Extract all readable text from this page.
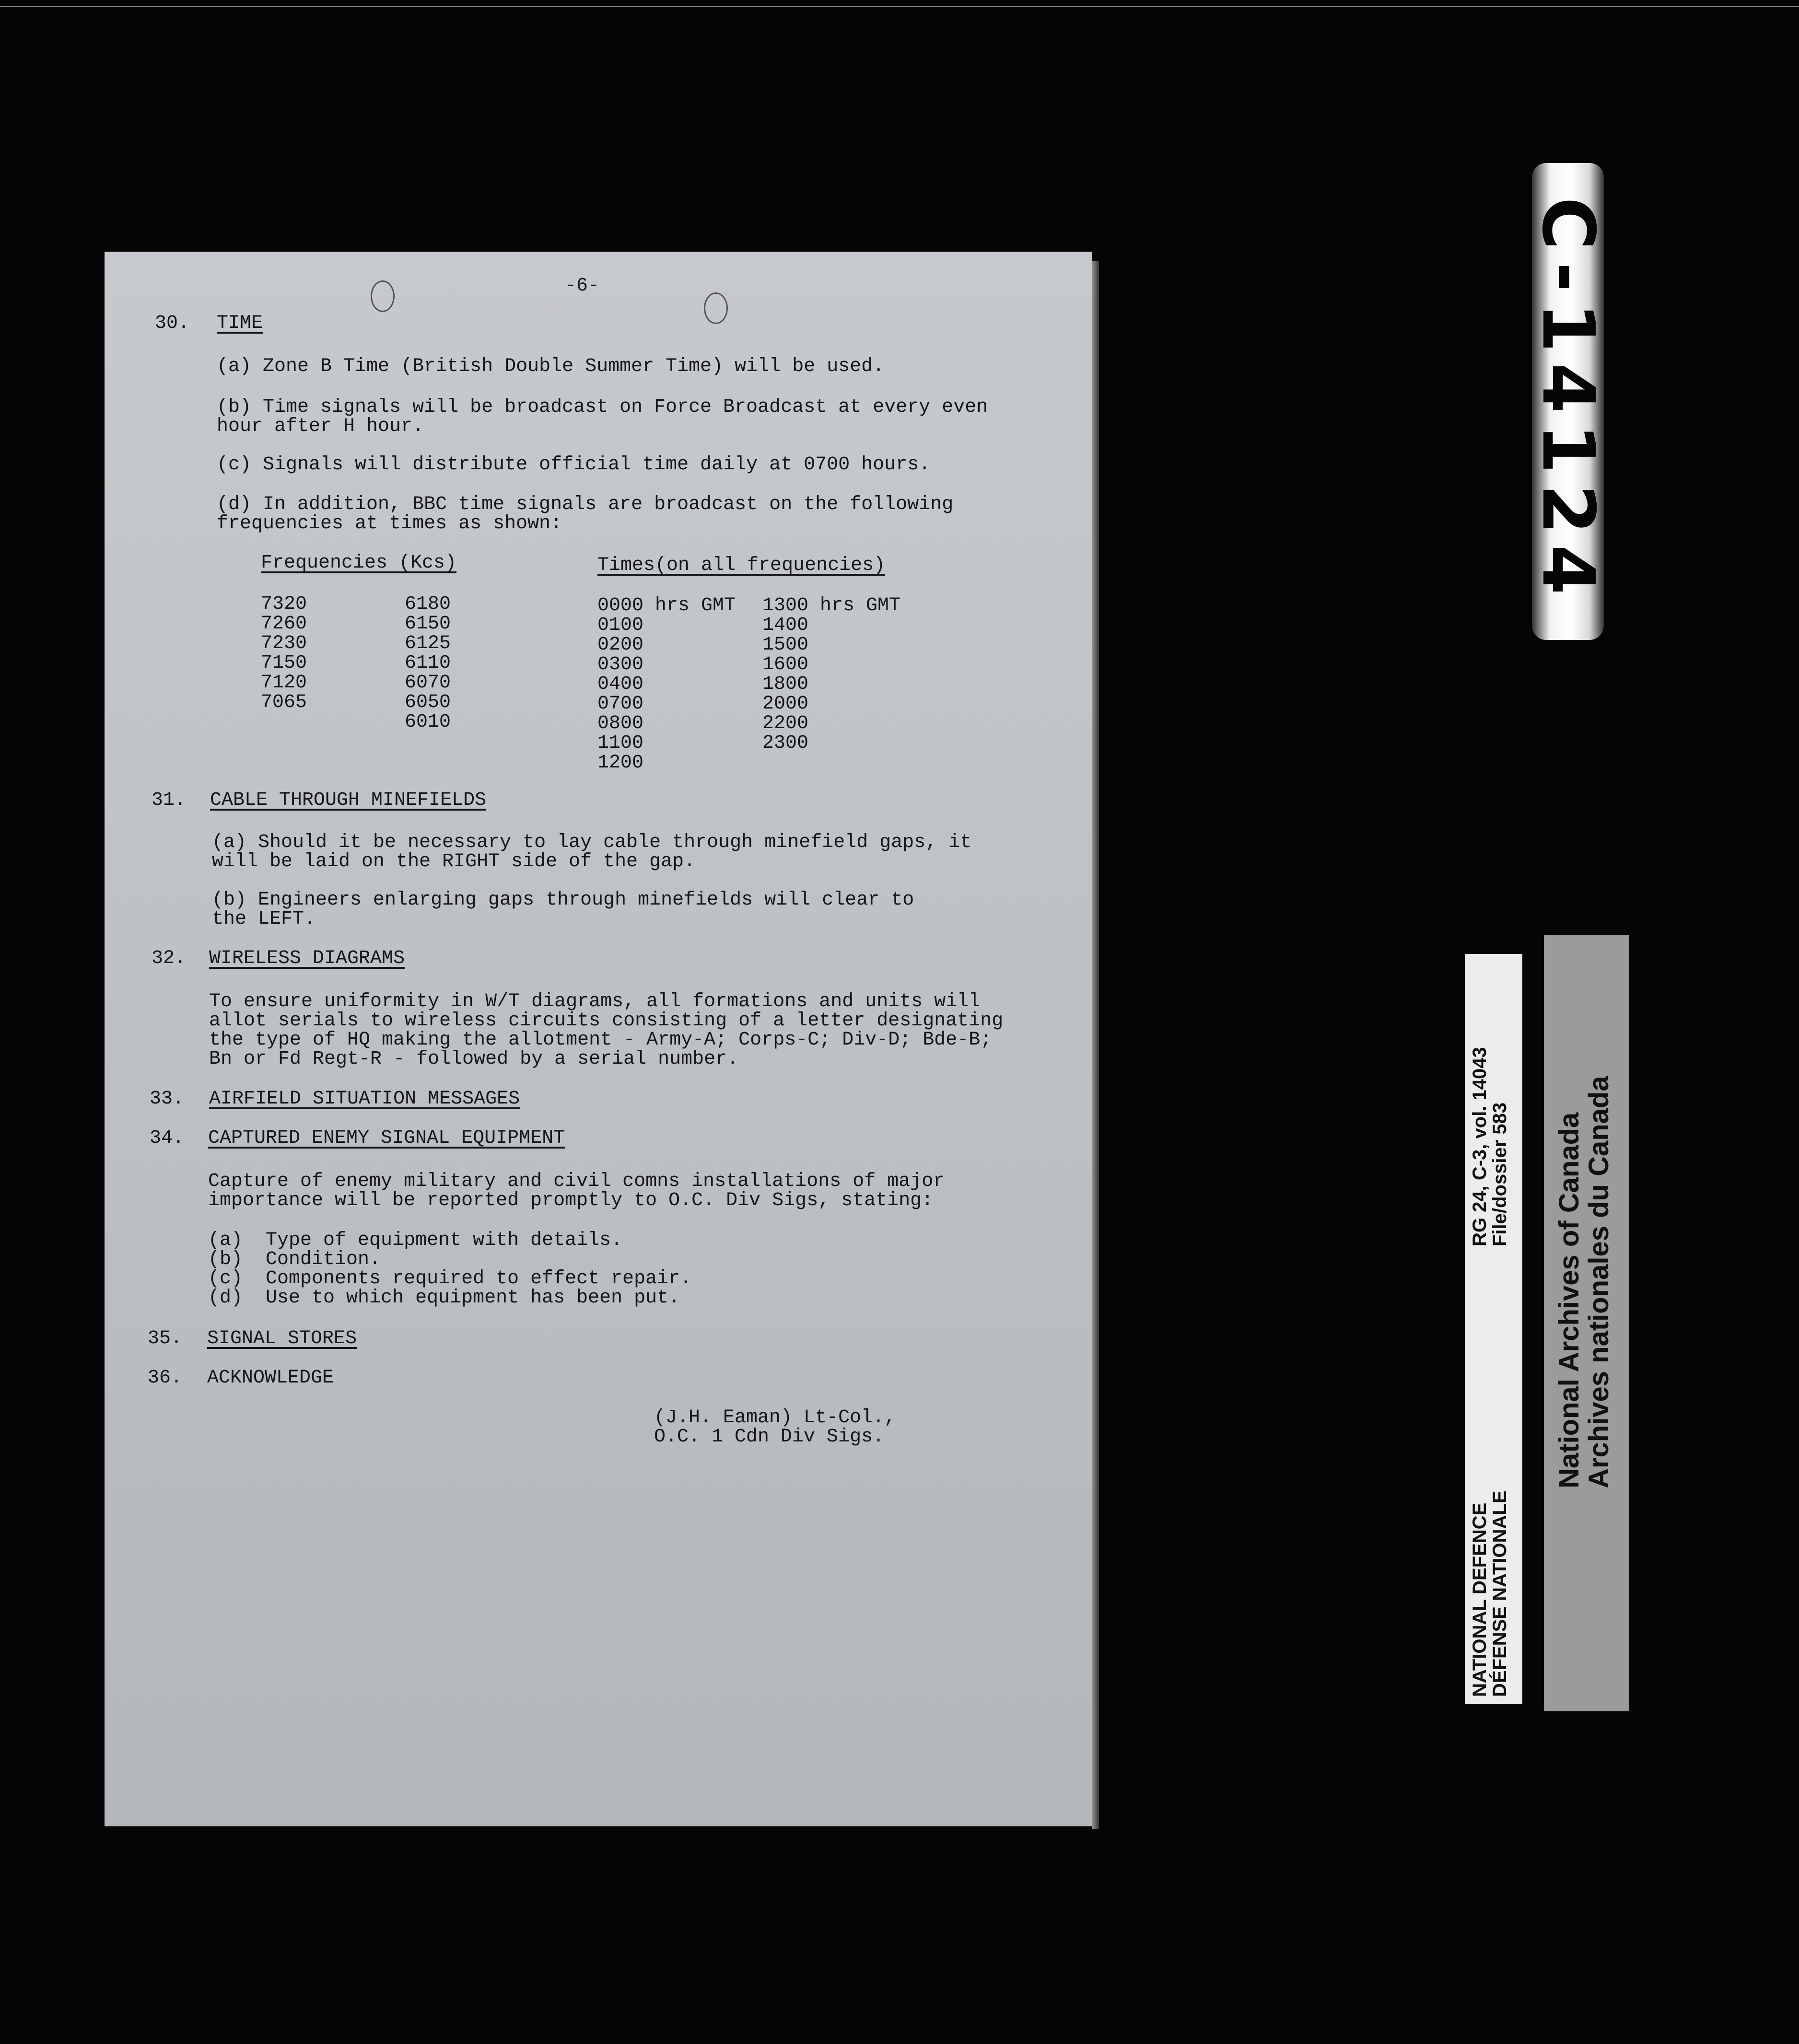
-6-
30. TIME
(a) Zone B Time (British Double Summer Time) will be used.
(b) Time signals will be broadcast on Force Broadcast at every even
hour after H hour.
(c) Signals will distribute official time daily at 0700 hours.
(d) In addition, BBC time signals are broadcast on the following
frequencies at times as shown:
Frequencies (Kcs)	Times(on all frequencies)
7320
7260
7230
7150
7120
7065
6180
6150
6125
6110
6070
6050
6010
0000 hrs GMT
0100
0200
0300
0400
0700
0800
1100
1200
1300 hrs GMT
1400
1500
1600
1800
2000
2200
2300
31. CABLE THROUGH MINEFIELDS
(a) Should it be necessary to lay cable through minefield gaps, it
will be laid on the RIGHT side of the gap.
(b) Engineers enlarging gaps through minefields will clear to
the LEFT.
32. WIRELESS DIAGRAMS
To ensure uniformity in W/T diagrams, all formations and units will
allot serials to wireless circuits consisting of a letter designating
the type of HQ making the allotment - Army-A; Corps-C; Div-D; Bde-B;
Bn or Fd Regt-R - followed by a serial number.
33. AIRFIELD SITUATION MESSAGES
34. CAPTURED ENEMY SIGNAL EQUIPMENT
Capture of enemy military and civil comns installations of major
importance will be reported promptly to O.C. Div Sigs, stating:
(a)  Type of equipment with details.
(b)  Condition.
(c)  Components required to effect repair.
(d)  Use to which equipment has been put.
35. SIGNAL STORES
36. ACKNOWLEDGE
(J.H. Eaman) Lt-Col.,
O.C. 1 Cdn Div Sigs.
C-14124
NATIONAL DEFENCE
DÉFENSE NATIONALE
RG 24, C-3, vol. 14043
File/dossier 583 National Archives of Canada
Archives nationales du Canada
